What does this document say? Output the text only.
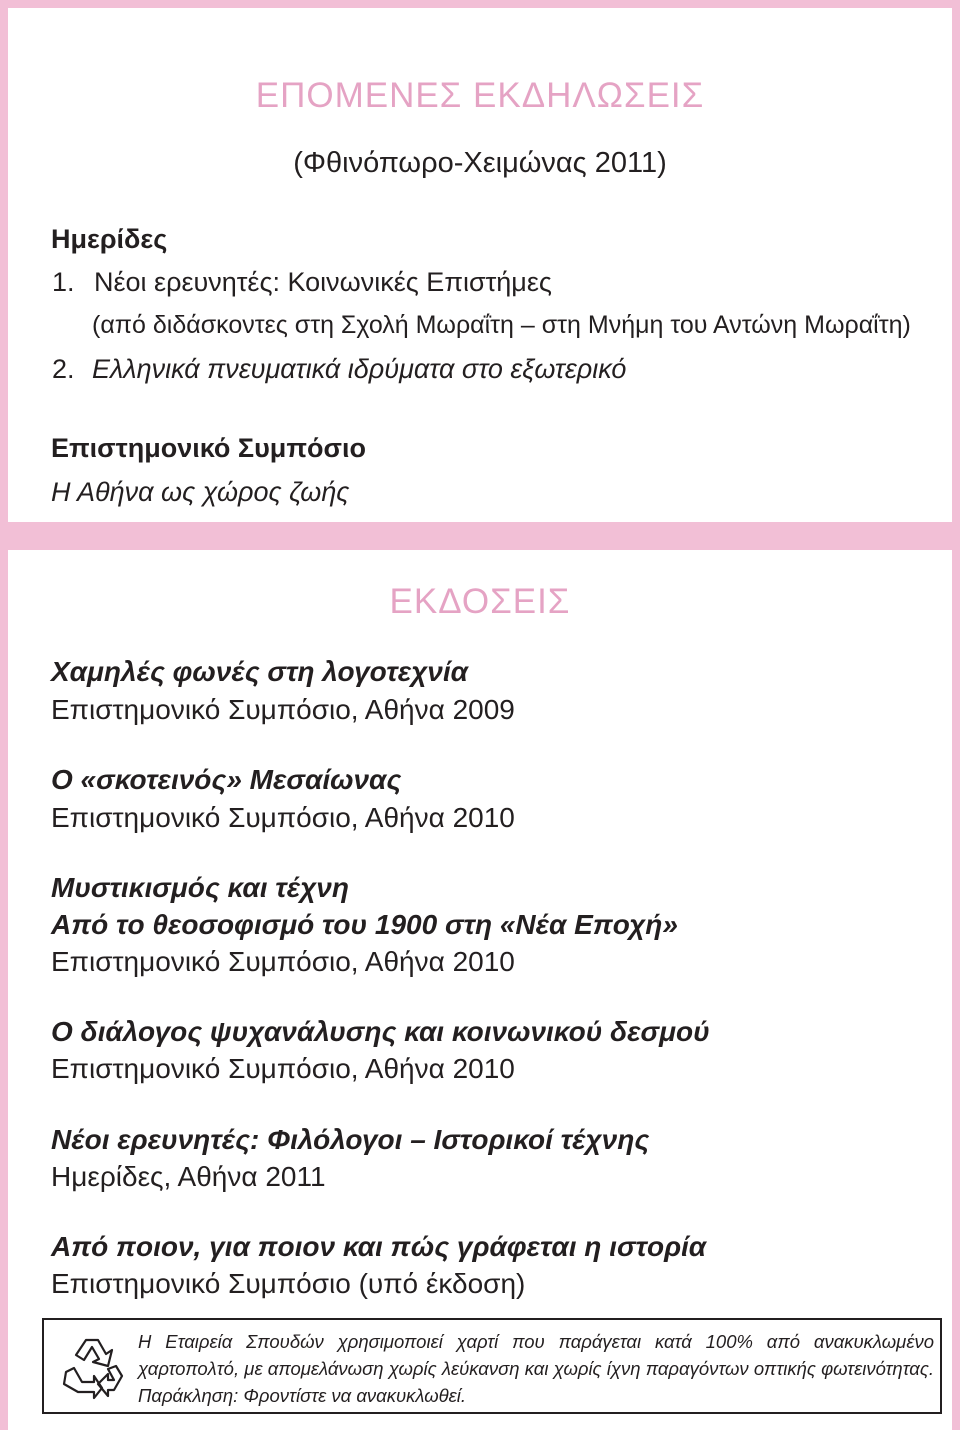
ΕΠΟΜΕΝΕΣ ΕΚΔΗΛΩΣΕΙΣ

(Φθινόπωρο-Χειμώνας 2011)

Ημερίδες

1. Νέοι ερευνητές: Κοινωνικές Επιστήμες

(από διδάσκοντες στη Σχολή Μωραΐτη – στη Μνήμη του Αντώνη Μωραΐτη)

2. Ελληνικά πνευματικά ιδρύματα στο εξωτερικό

Επιστημονικό Συμπόσιο

Η Αθήνα ως χώρος ζωής

ΕΚΔΟΣΕΙΣ

Χαμηλές φωνές στη λογοτεχνία

Επιστημονικό Συμπόσιο, Αθήνα 2009

Ο «σκοτεινός» Μεσαίωνας

Επιστημονικό Συμπόσιο, Αθήνα 2010

Μυστικισμός και τέχνη

Από το θεοσοφισμό του 1900 στη «Νέα Εποχή»

Επιστημονικό Συμπόσιο, Αθήνα 2010

Ο διάλογος ψυχανάλυσης και κοινωνικού δεσμού

Επιστημονικό Συμπόσιο, Αθήνα 2010

Νέοι ερευνητές: Φιλόλογοι – Ιστορικοί τέχνης

Ημερίδες, Αθήνα 2011

Από ποιον, για ποιον και πώς γράφεται η ιστορία

Επιστημονικό Συμπόσιο (υπό έκδοση)

Η Εταιρεία Σπουδών χρησιμοποιεί χαρτί που παράγεται κατά 100% από ανακυκλωμένο χαρτοπολτό, με απομελάνωση χωρίς λεύκανση και χωρίς ίχνη παραγόντων οπτικής φωτεινότητας. Παράκληση: Φροντίστε να ανακυκλωθεί.
